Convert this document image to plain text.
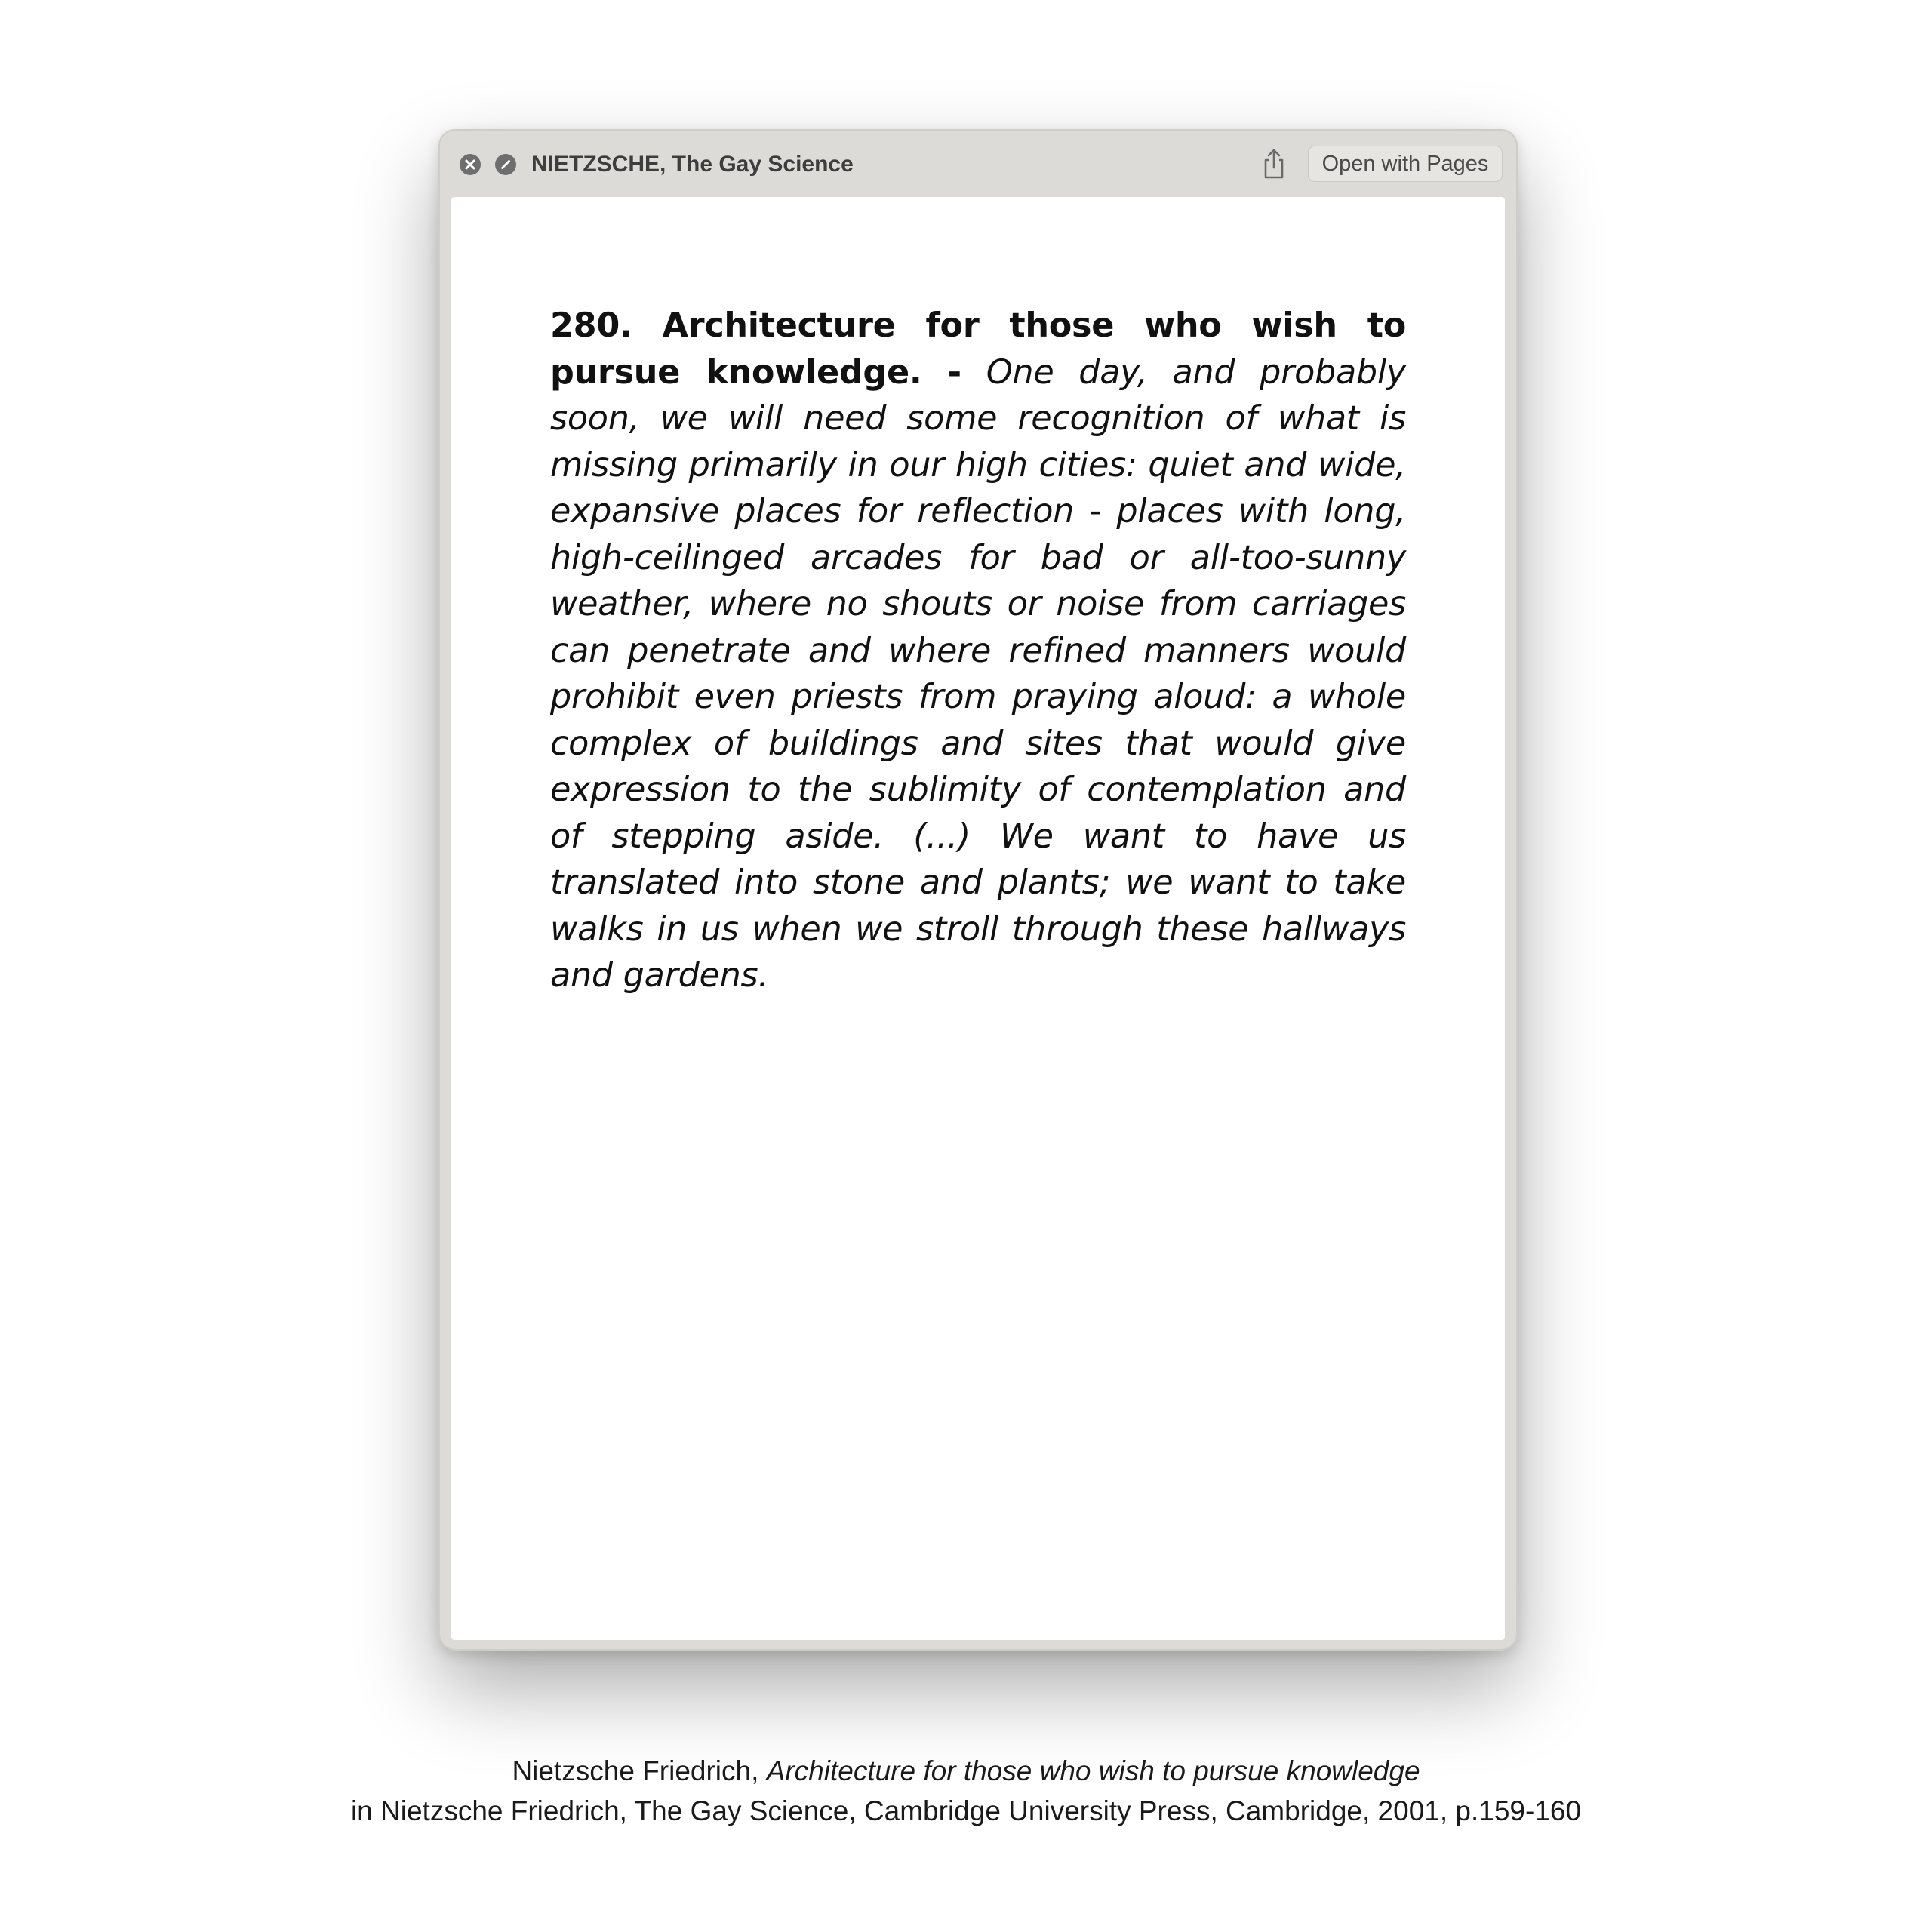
NIETZSCHE, The Gay Science	Open with Pages
280. Architecture for those who wish to pursue knowledge. - One day, and probably soon, we will need some recognition of what is missing primarily in our high cities: quiet and wide, expansive places for reflection - places with long, high-ceilinged arcades for bad or all-too-sunny weather, where no shouts or noise from carriages can penetrate and where refined manners would prohibit even priests from praying aloud: a whole complex of buildings and sites that would give expression to the sublimity of contemplation and of stepping aside. (...) We want to have us translated into stone and plants; we want to take walks in us when we stroll through these hallways and gardens.
Nietzsche Friedrich, Architecture for those who wish to pursue knowledge
in Nietzsche Friedrich, The Gay Science, Cambridge University Press, Cambridge, 2001, p.159-160
